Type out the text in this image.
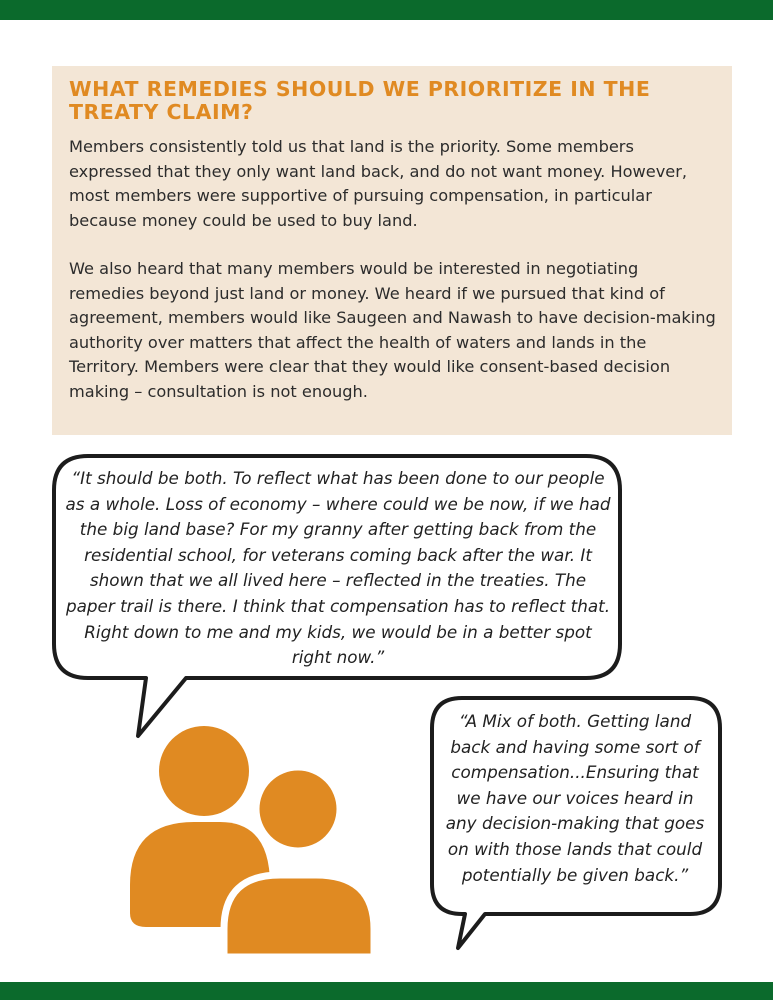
WHAT REMEDIES SHOULD WE PRIORITIZE IN THE TREATY CLAIM?

Members consistently told us that land is the priority. Some members expressed that they only want land back, and do not want money. However, most members were supportive of pursuing compensation, in particular because money could be used to buy land.

We also heard that many members would be interested in negotiating remedies beyond just land or money. We heard if we pursued that kind of agreement, members would like Saugeen and Nawash to have decision-making authority over matters that affect the health of waters and lands in the Territory. Members were clear that they would like consent-based decision making – consultation is not enough.

“It should be both. To reflect what has been done to our people as a whole. Loss of economy – where could we be now, if we had the big land base? For my granny after getting back from the residential school, for veterans coming back after the war. It shown that we all lived here – reflected in the treaties. The paper trail is there. I think that compensation has to reflect that. Right down to me and my kids, we would be in a better spot right now.”
“A Mix of both. Getting land back and having some sort of compensation...Ensuring that we have our voices heard in any decision-making that goes on with those lands that could potentially be given back.”
